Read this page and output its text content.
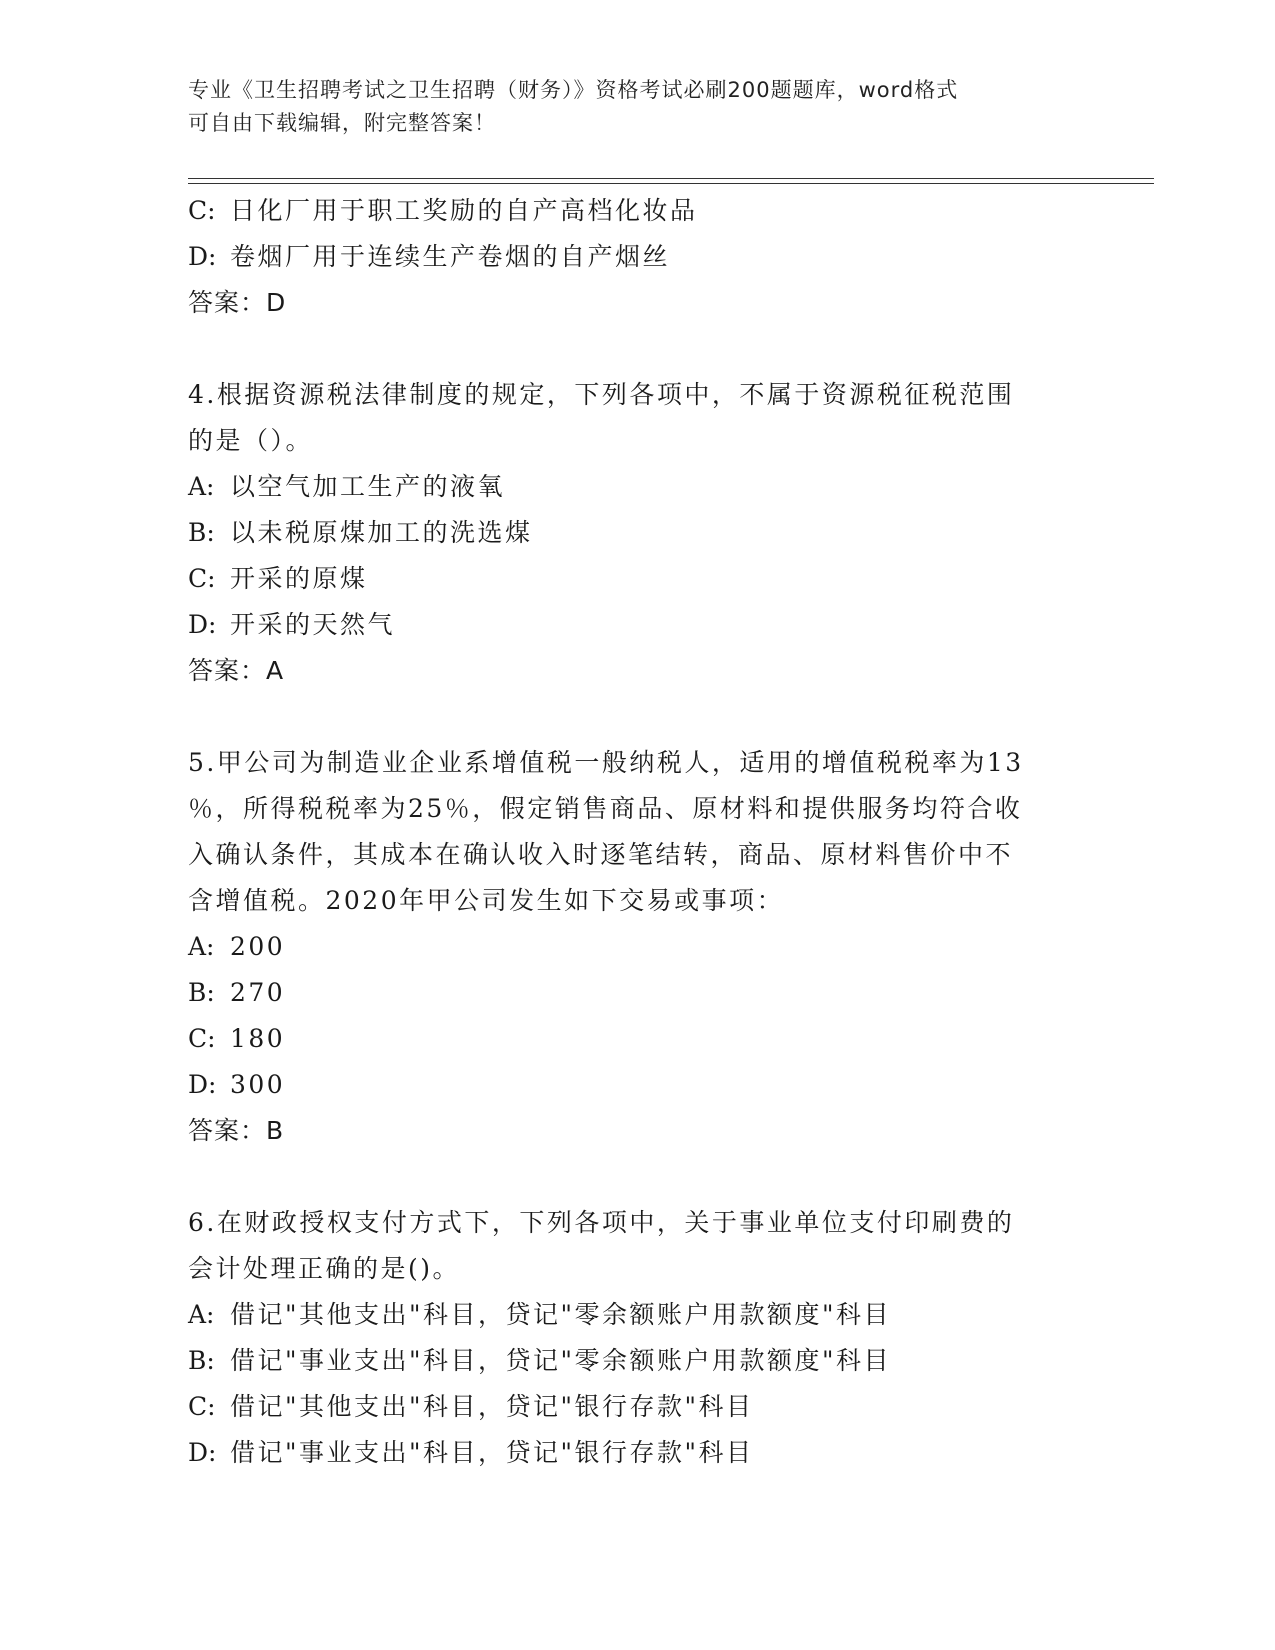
专业《卫生招聘考试之卫生招聘（财务）》资格考试必刷200题题库，word格式
可自由下载编辑，附完整答案！
C: 日化厂用于职工奖励的自产高档化妆品
D: 卷烟厂用于连续生产卷烟的自产烟丝
答案：D
4.根据资源税法律制度的规定，下列各项中，不属于资源税征税范围
的是（）。
A: 以空气加工生产的液氧
B: 以未税原煤加工的洗选煤
C: 开采的原煤
D: 开采的天然气
答案：A
5.甲公司为制造业企业系增值税一般纳税人，适用的增值税税率为13
％，所得税税率为25％，假定销售商品、原材料和提供服务均符合收
入确认条件，其成本在确认收入时逐笔结转，商品、原材料售价中不
含增值税。2020年甲公司发生如下交易或事项：
A: 200
B: 270
C: 180
D: 300
答案：B
6.在财政授权支付方式下，下列各项中，关于事业单位支付印刷费的
会计处理正确的是()。
A: 借记"其他支出"科目，贷记"零余额账户用款额度"科目
B: 借记"事业支出"科目，贷记"零余额账户用款额度"科目
C: 借记"其他支出"科目，贷记"银行存款"科目
D: 借记"事业支出"科目，贷记"银行存款"科目
